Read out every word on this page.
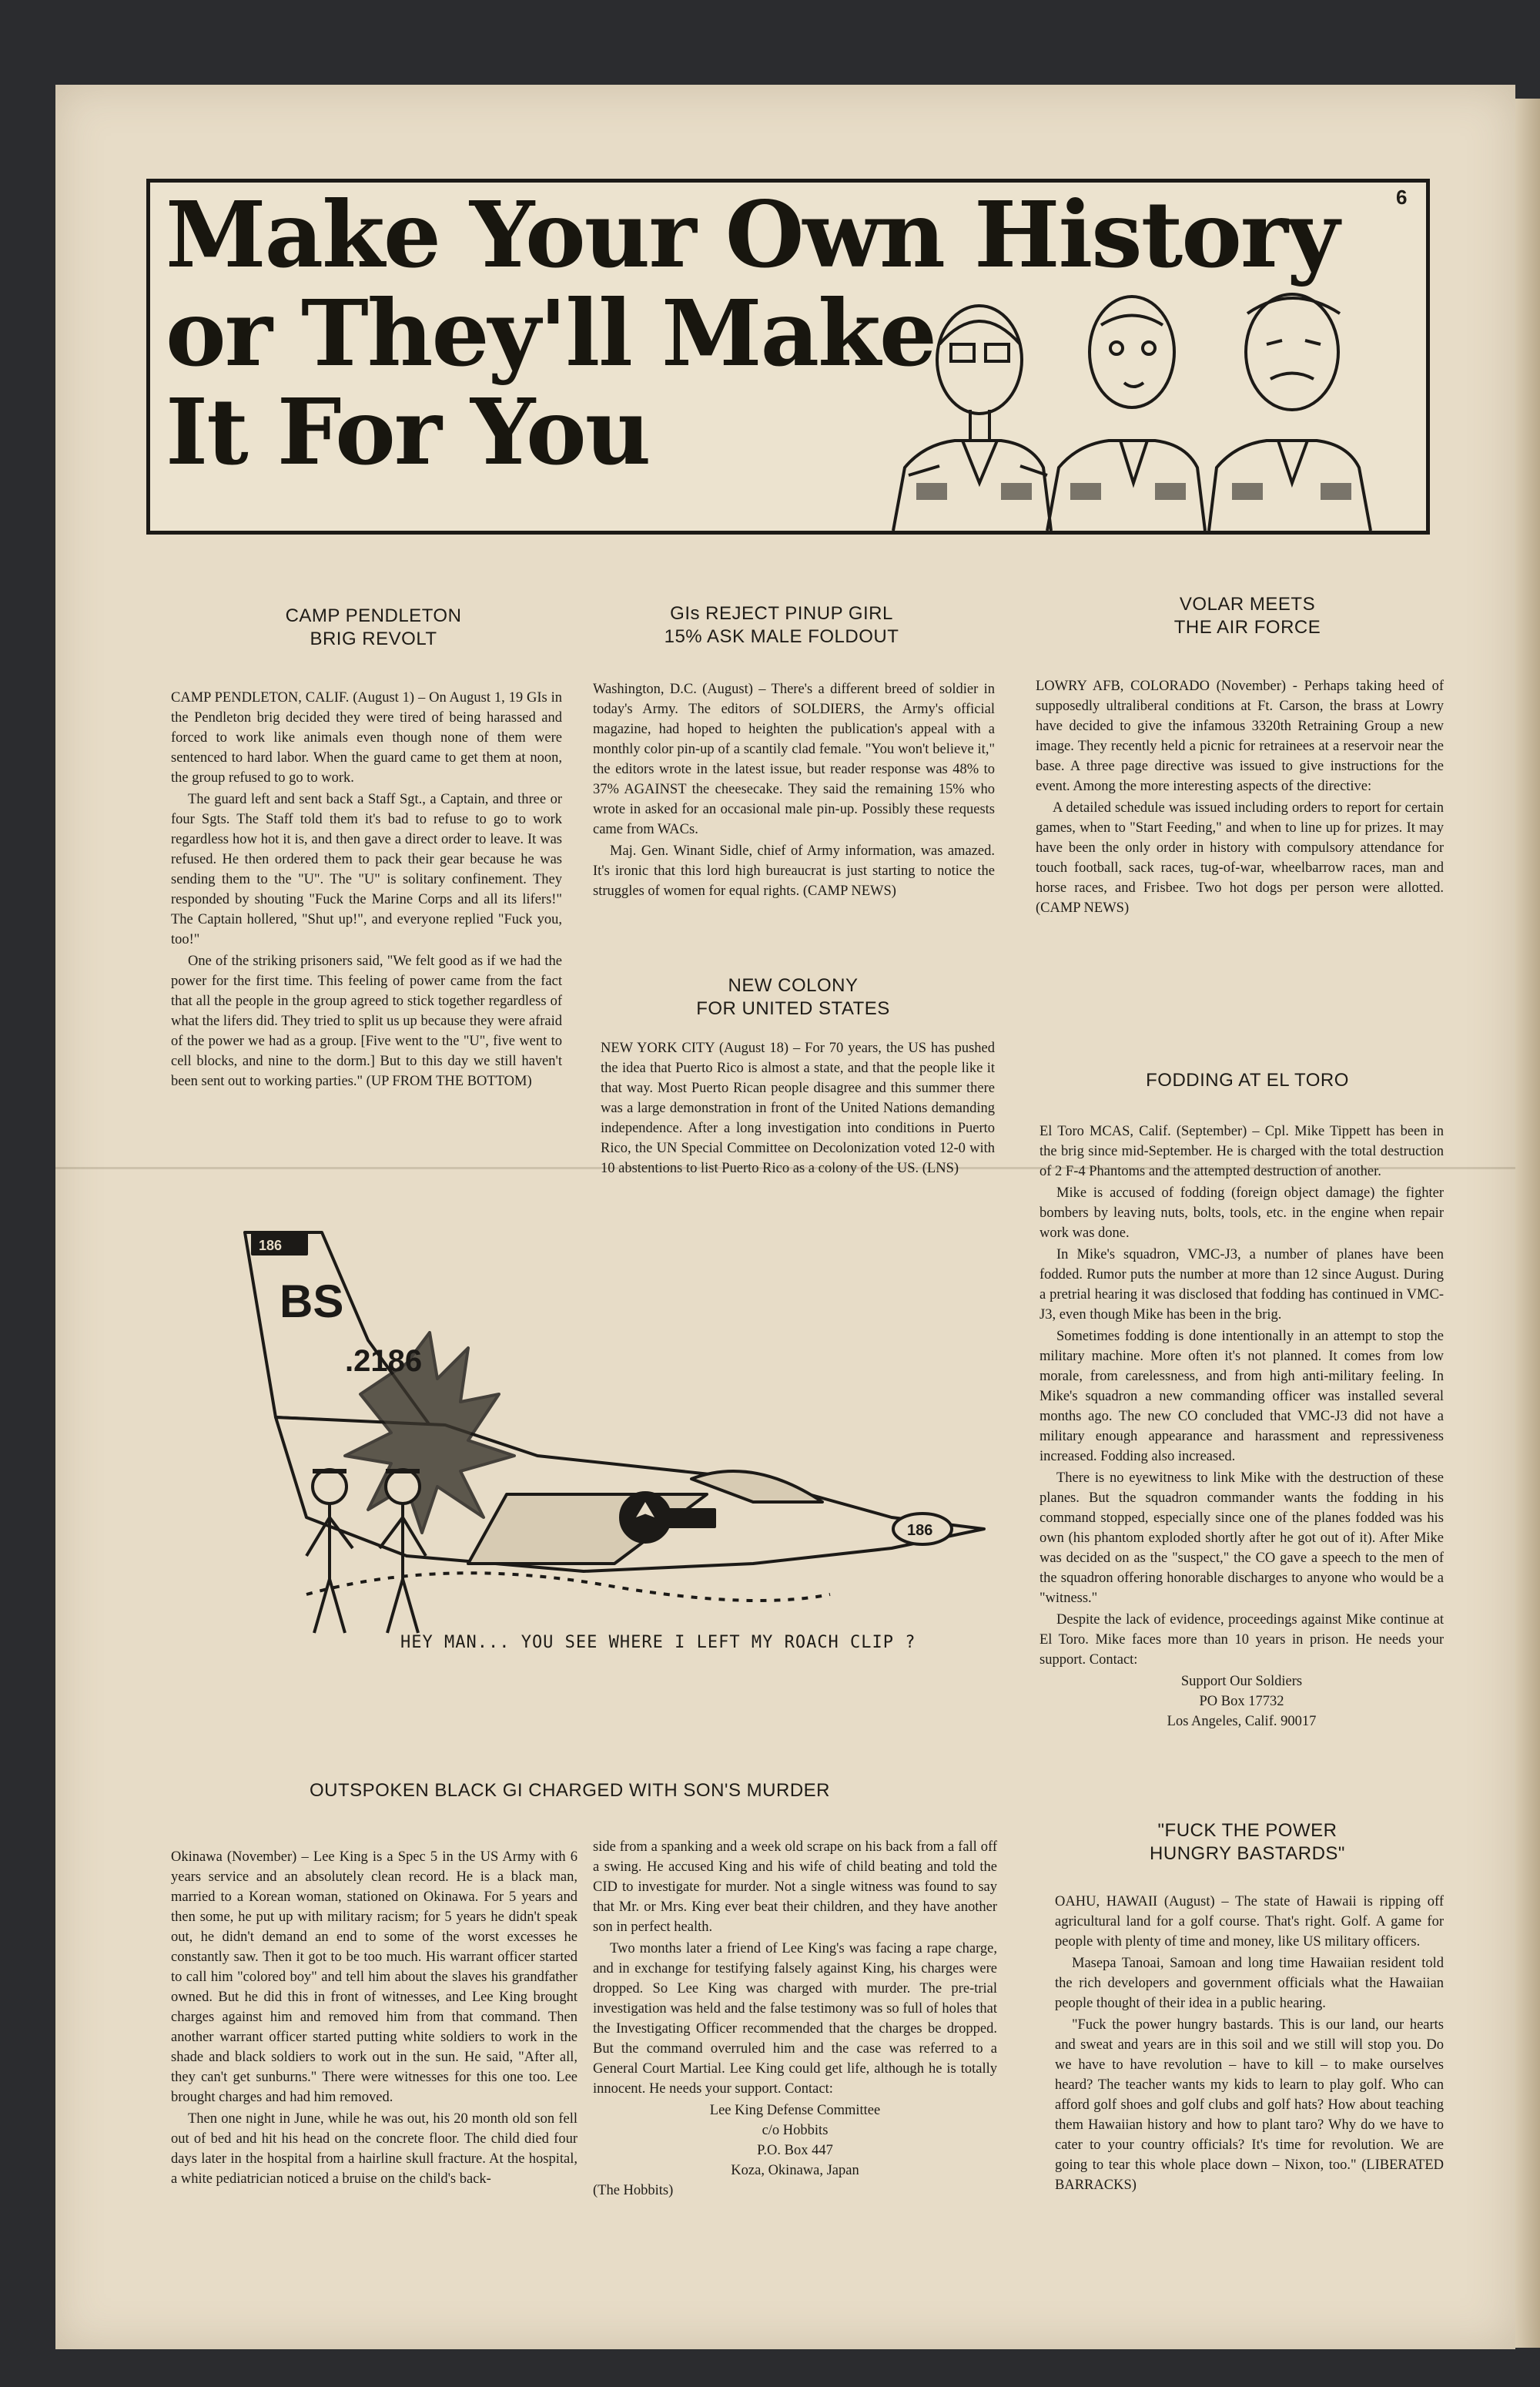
Make Your Own History
or They'll Make
It For You
6
CAMP PENDLETON
BRIG REVOLT

CAMP PENDLETON, CALIF. (August 1) – On August 1, 19 GIs in the Pendleton brig decided they were tired of being harassed and forced to work like animals even though none of them were sentenced to hard labor. When the guard came to get them at noon, the group refused to go to work.

The guard left and sent back a Staff Sgt., a Captain, and three or four Sgts. The Staff told them it's bad to refuse to go to work regardless how hot it is, and then gave a direct order to leave. It was refused. He then ordered them to pack their gear because he was sending them to the "U". The "U" is solitary confinement. They responded by shouting "Fuck the Marine Corps and all its lifers!" The Captain hollered, "Shut up!", and everyone replied "Fuck you, too!"

One of the striking prisoners said, "We felt good as if we had the power for the first time. This feeling of power came from the fact that all the people in the group agreed to stick together regardless of what the lifers did. They tried to split us up because they were afraid of the power we had as a group. [Five went to the "U", five went to cell blocks, and nine to the dorm.] But to this day we still haven't been sent out to working parties." (UP FROM THE BOTTOM)

GIs REJECT PINUP GIRL
15% ASK MALE FOLDOUT

Washington, D.C. (August) – There's a different breed of soldier in today's Army. The editors of SOLDIERS, the Army's official magazine, had hoped to heighten the publication's appeal with a monthly color pin-up of a scantily clad female. "You won't believe it," the editors wrote in the latest issue, but reader response was 48% to 37% AGAINST the cheesecake. They said the remaining 15% who wrote in asked for an occasional male pin-up. Possibly these requests came from WACs.

Maj. Gen. Winant Sidle, chief of Army information, was amazed. It's ironic that this lord high bureaucrat is just starting to notice the struggles of women for equal rights. (CAMP NEWS)

NEW COLONY
FOR UNITED STATES

NEW YORK CITY (August 18) – For 70 years, the US has pushed the idea that Puerto Rico is almost a state, and that the people like it that way. Most Puerto Rican people disagree and this summer there was a large demonstration in front of the United Nations demanding independence. After a long investigation into conditions in Puerto Rico, the UN Special Committee on Decolonization voted 12-0 with 10 abstentions to list Puerto Rico as a colony of the US. (LNS)

VOLAR MEETS
THE AIR FORCE

LOWRY AFB, COLORADO (November) - Perhaps taking heed of supposedly ultraliberal conditions at Ft. Carson, the brass at Lowry have decided to give the infamous 3320th Retraining Group a new image. They recently held a picnic for retrainees at a reservoir near the base. A three page directive was issued to give instructions for the event. Among the more interesting aspects of the directive:

A detailed schedule was issued including orders to report for certain games, when to "Start Feeding," and when to line up for prizes. It may have been the only order in history with compulsory attendance for touch football, sack races, tug-of-war, wheelbarrow races, man and horse races, and Frisbee. Two hot dogs per person were allotted. (CAMP NEWS)

FODDING AT EL TORO

El Toro MCAS, Calif. (September) – Cpl. Mike Tippett has been in the brig since mid-September. He is charged with the total destruction of 2 F-4 Phantoms and the attempted destruction of another.

Mike is accused of fodding (foreign object damage) the fighter bombers by leaving nuts, bolts, tools, etc. in the engine when repair work was done.

In Mike's squadron, VMC-J3, a number of planes have been fodded. Rumor puts the number at more than 12 since August. During a pretrial hearing it was disclosed that fodding has continued in VMC-J3, even though Mike has been in the brig.

Sometimes fodding is done intentionally in an attempt to stop the military machine. More often it's not planned. It comes from low morale, from carelessness, and from high anti-military feeling. In Mike's squadron a new commanding officer was installed several months ago. The new CO concluded that VMC-J3 did not have a military enough appearance and harassment and repressiveness increased. Fodding also increased.

There is no eyewitness to link Mike with the destruction of these planes. But the squadron commander wants the fodding in his command stopped, especially since one of the planes fodded was his own (his phantom exploded shortly after he got out of it). After Mike was decided on as the "suspect," the CO gave a speech to the men of the squadron offering honorable discharges to anyone who would be a "witness."

Despite the lack of evidence, proceedings against Mike continue at El Toro. Mike faces more than 10 years in prison. He needs your support. Contact:

Support Our Soldiers
PO Box 17732
Los Angeles, Calif. 90017
186
BS
.2186
186
HEY MAN... YOU SEE WHERE I LEFT MY ROACH CLIP ?
OUTSPOKEN BLACK GI CHARGED WITH SON'S MURDER

Okinawa (November) – Lee King is a Spec 5 in the US Army with 6 years service and an absolutely clean record. He is a black man, married to a Korean woman, stationed on Okinawa. For 5 years and then some, he put up with military racism; for 5 years he didn't speak out, he didn't demand an end to some of the worst excesses he constantly saw. Then it got to be too much. His warrant officer started to call him "colored boy" and tell him about the slaves his grandfather owned. But he did this in front of witnesses, and Lee King brought charges against him and removed him from that command. Then another warrant officer started putting white soldiers to work in the shade and black soldiers to work out in the sun. He said, "After all, they can't get sunburns." There were witnesses for this one too. Lee brought charges and had him removed.

Then one night in June, while he was out, his 20 month old son fell out of bed and hit his head on the concrete floor. The child died four days later in the hospital from a hairline skull fracture. At the hospital, a white pediatrician noticed a bruise on the child's back-

side from a spanking and a week old scrape on his back from a fall off a swing. He accused King and his wife of child beating and told the CID to investigate for murder. Not a single witness was found to say that Mr. or Mrs. King ever beat their children, and they have another son in perfect health.

Two months later a friend of Lee King's was facing a rape charge, and in exchange for testifying falsely against King, his charges were dropped. So Lee King was charged with murder. The pre-trial investigation was held and the false testimony was so full of holes that the Investigating Officer recommended that the charges be dropped. But the command overruled him and the case was referred to a General Court Martial. Lee King could get life, although he is totally innocent. He needs your support. Contact:

Lee King Defense Committee
c/o Hobbits
P.O. Box 447
Koza, Okinawa, Japan
(The Hobbits)
"FUCK THE POWER
HUNGRY BASTARDS"

OAHU, HAWAII (August) – The state of Hawaii is ripping off agricultural land for a golf course. That's right. Golf. A game for people with plenty of time and money, like US military officers.

Masepa Tanoai, Samoan and long time Hawaiian resident told the rich developers and government officials what the Hawaiian people thought of their idea in a public hearing.

"Fuck the power hungry bastards. This is our land, our hearts and sweat and years are in this soil and we still will stop you. Do we have to have revolution – have to kill – to make ourselves heard? The teacher wants my kids to learn to play golf. Who can afford golf shoes and golf clubs and golf hats? How about teaching them Hawaiian history and how to plant taro? Why do we have to cater to your country officials? It's time for revolution. We are going to tear this whole place down – Nixon, too." (LIBERATED BARRACKS)
